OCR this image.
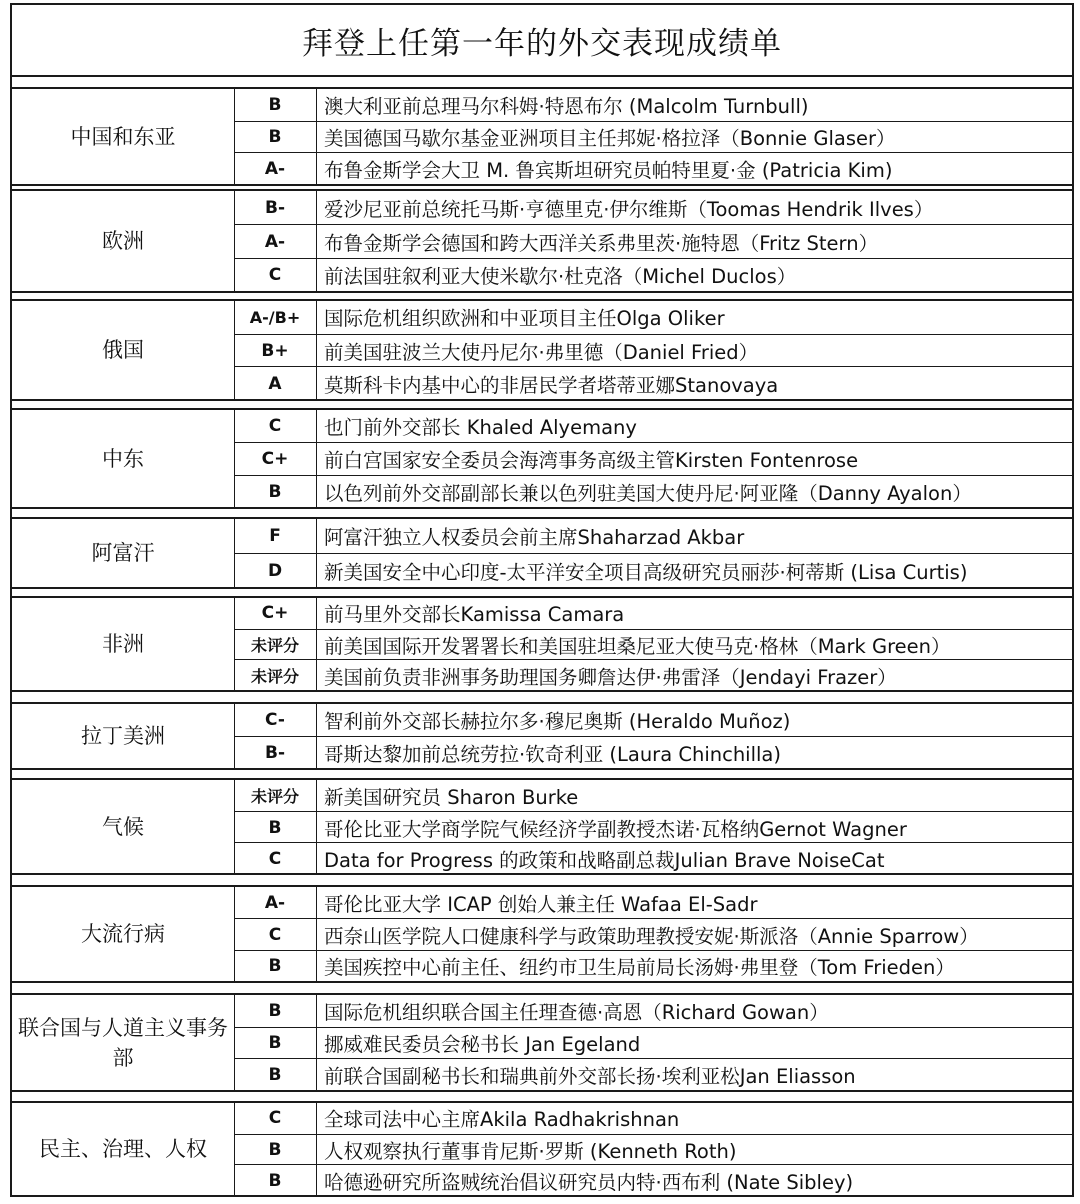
拜登上任第一年的外交表现成绩单
中国和东亚
B	澳大利亚前总理马尔科姆·特恩布尔 (Malcolm Turnbull)
B	美国德国马歇尔基金亚洲项目主任邦妮·格拉泽（Bonnie Glaser）
A-	布鲁金斯学会大卫 M. 鲁宾斯坦研究员帕特里夏·金 (Patricia Kim)
欧洲
B-	爱沙尼亚前总统托马斯·亨德里克·伊尔维斯（Toomas Hendrik Ilves）
A-	布鲁金斯学会德国和跨大西洋关系弗里茨·施特恩（Fritz Stern）
C	前法国驻叙利亚大使米歇尔·杜克洛（Michel Duclos）
俄国
A-/B+	国际危机组织欧洲和中亚项目主任Olga Oliker
B+	前美国驻波兰大使丹尼尔·弗里德（Daniel Fried）
A	莫斯科卡内基中心的非居民学者塔蒂亚娜Stanovaya
中东
C	也门前外交部长 Khaled Alyemany
C+	前白宫国家安全委员会海湾事务高级主管Kirsten Fontenrose
B	以色列前外交部副部长兼以色列驻美国大使丹尼·阿亚隆（Danny Ayalon）
阿富汗
F	阿富汗独立人权委员会前主席Shaharzad Akbar
D	新美国安全中心印度-太平洋安全项目高级研究员丽莎·柯蒂斯 (Lisa Curtis)
非洲
C+	前马里外交部长Kamissa Camara
未评分	前美国国际开发署署长和美国驻坦桑尼亚大使马克·格林（Mark Green）
未评分	美国前负责非洲事务助理国务卿詹达伊·弗雷泽（Jendayi Frazer）
拉丁美洲
C-	智利前外交部长赫拉尔多·穆尼奥斯 (Heraldo Muñoz)
B-	哥斯达黎加前总统劳拉·钦奇利亚 (Laura Chinchilla)
气候
未评分	新美国研究员 Sharon Burke
B	哥伦比亚大学商学院气候经济学副教授杰诺·瓦格纳Gernot Wagner
C	Data for Progress 的政策和战略副总裁Julian Brave NoiseCat
大流行病
A-	哥伦比亚大学 ICAP 创始人兼主任 Wafaa El-Sadr
C	西奈山医学院人口健康科学与政策助理教授安妮·斯派洛（Annie Sparrow）
B	美国疾控中心前主任、纽约市卫生局前局长汤姆·弗里登（Tom Frieden）
联合国与人道主义事务部
B	国际危机组织联合国主任理查德·高恩（Richard Gowan）
B	挪威难民委员会秘书长 Jan Egeland
B	前联合国副秘书长和瑞典前外交部长扬·埃利亚松Jan Eliasson
民主、治理、人权
C	全球司法中心主席Akila Radhakrishnan
B	人权观察执行董事肯尼斯·罗斯 (Kenneth Roth)
B	哈德逊研究所盗贼统治倡议研究员内特·西布利 (Nate Sibley)
